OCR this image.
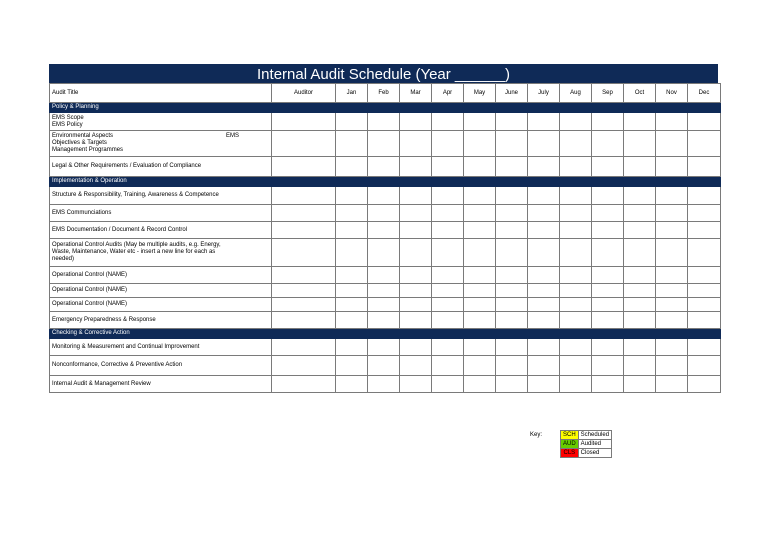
Internal Audit Schedule (Year ______)
Audit Title	Auditor	Jan	Feb	Mar	Apr	May	June	July	Aug	Sep	Oct	Nov	Dec
Policy & Planning													

EMS Scope
EMS Policy													

Environmental Aspects EMS
Objectives & Targets
Management Programmes													

Legal & Other Requirements / Evaluation of Compliance													

Implementation & Operation													

Structure & Responsibility, Training, Awareness & Competence													

EMS Communciations													

EMS Documentation / Document & Record Control													

Operational Control Audits (May be multiple audits, e.g. Energy,
Waste, Maintenance, Water etc - insert a new line for each as
needed)													

Operational Control (NAME)													

Operational Control (NAME)													

Operational Control (NAME)													

Emergency Preparedness & Response													

Checking & Corrective Action													

Monitoring & Measurement and Continual Improvement													

Nonconformance, Corrective & Preventive Action													

Internal Audit & Management Review													

Key:	SCH	Scheduled
AUD	Audited
CLS	Closed
